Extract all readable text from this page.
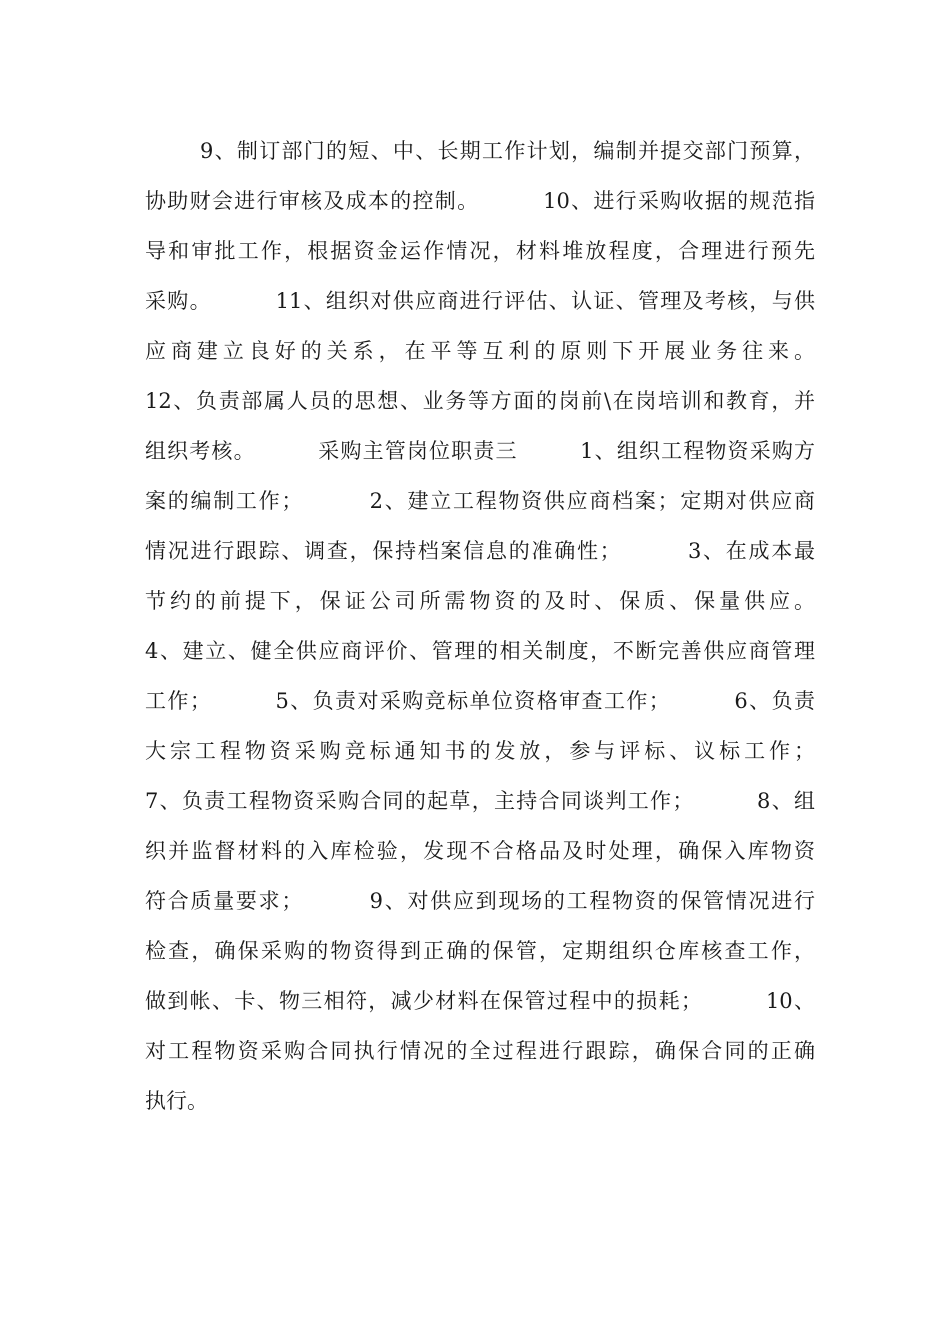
9、制订部门的短、中、长期工作计划，编制并提交部门预算，
协助财会进行审核及成本的控制。        10、进行采购收据的规范指
导和审批工作，根据资金运作情况，材料堆放程度，合理进行预先
采购。        11、组织对供应商进行评估、认证、管理及考核，与供
应商建立良好的关系，在平等互利的原则下开展业务往来。
12、负责部属人员的思想、业务等方面的岗前\在岗培训和教育，并
组织考核。        采购主管岗位职责三        1、组织工程物资采购方
案的编制工作；        2、建立工程物资供应商档案；定期对供应商
情况进行跟踪、调查，保持档案信息的准确性；        3、在成本最
节约的前提下，保证公司所需物资的及时、保质、保量供应。
4、建立、健全供应商评价、管理的相关制度，不断完善供应商管理
工作；        5、负责对采购竞标单位资格审查工作；        6、负责
大宗工程物资采购竞标通知书的发放，参与评标、议标工作；
7、负责工程物资采购合同的起草，主持合同谈判工作；        8、组
织并监督材料的入库检验，发现不合格品及时处理，确保入库物资
符合质量要求；        9、对供应到现场的工程物资的保管情况进行
检查，确保采购的物资得到正确的保管，定期组织仓库核查工作，
做到帐、卡、物三相符，减少材料在保管过程中的损耗；        10、
对工程物资采购合同执行情况的全过程进行跟踪，确保合同的正确
执行。
